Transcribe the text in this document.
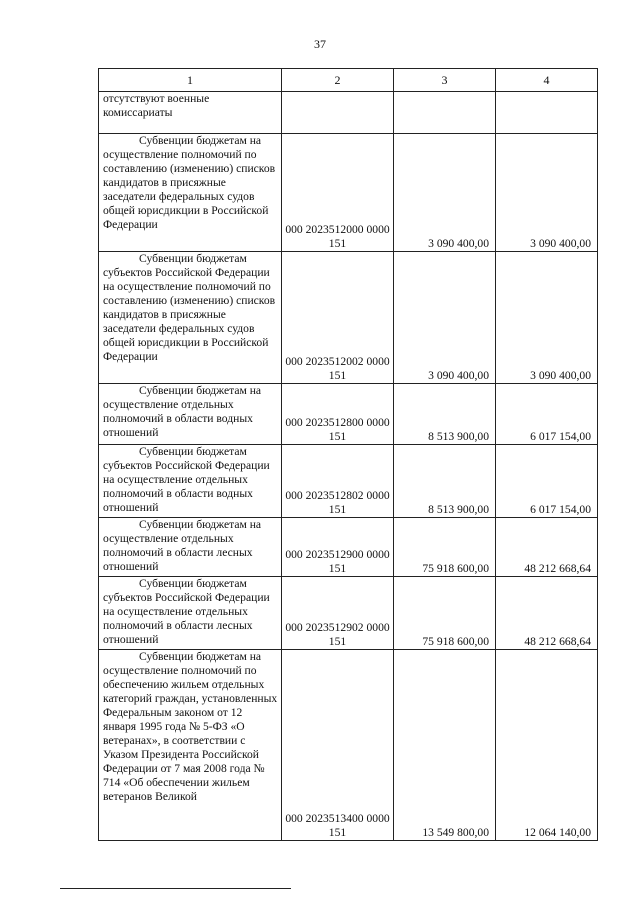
37
1	2	3	4
отсутствуют военные комиссариаты			

Субвенции бюджетам на осуществление полномочий по составлению (изменению) списков кандидатов в присяжные заседатели федеральных судов общей юрисдикции в Российской Федерации	000 2023512000 0000 151	3 090 400,00	3 090 400,00

Субвенции бюджетам субъектов Российской Федерации на осуществление полномочий по составлению (изменению) списков кандидатов в присяжные заседатели федеральных судов общей юрисдикции в Российской Федерации	000 2023512002 0000 151	3 090 400,00	3 090 400,00

Субвенции бюджетам на осуществление отдельных полномочий в области водных отношений	000 2023512800 0000 151	8 513 900,00	6 017 154,00

Субвенции бюджетам субъектов Российской Федерации на осуществление отдельных полномочий в области водных отношений	000 2023512802 0000 151	8 513 900,00	6 017 154,00

Субвенции бюджетам на осуществление отдельных полномочий в области лесных отношений	000 2023512900 0000 151	75 918 600,00	48 212 668,64

Субвенции бюджетам субъектов Российской Федерации на осуществление отдельных полномочий в области лесных отношений	000 2023512902 0000 151	75 918 600,00	48 212 668,64

Субвенции бюджетам на осуществление полномочий по обеспечению жильем отдельных категорий граждан, установленных Федеральным законом от 12 января 1995 года № 5-ФЗ «О ветеранах», в соответствии с Указом Президента Российской Федерации от 7 мая 2008 года № 714 «Об обеспечении жильем ветеранов Великой	000 2023513400 0000 151	13 549 800,00	12 064 140,00
